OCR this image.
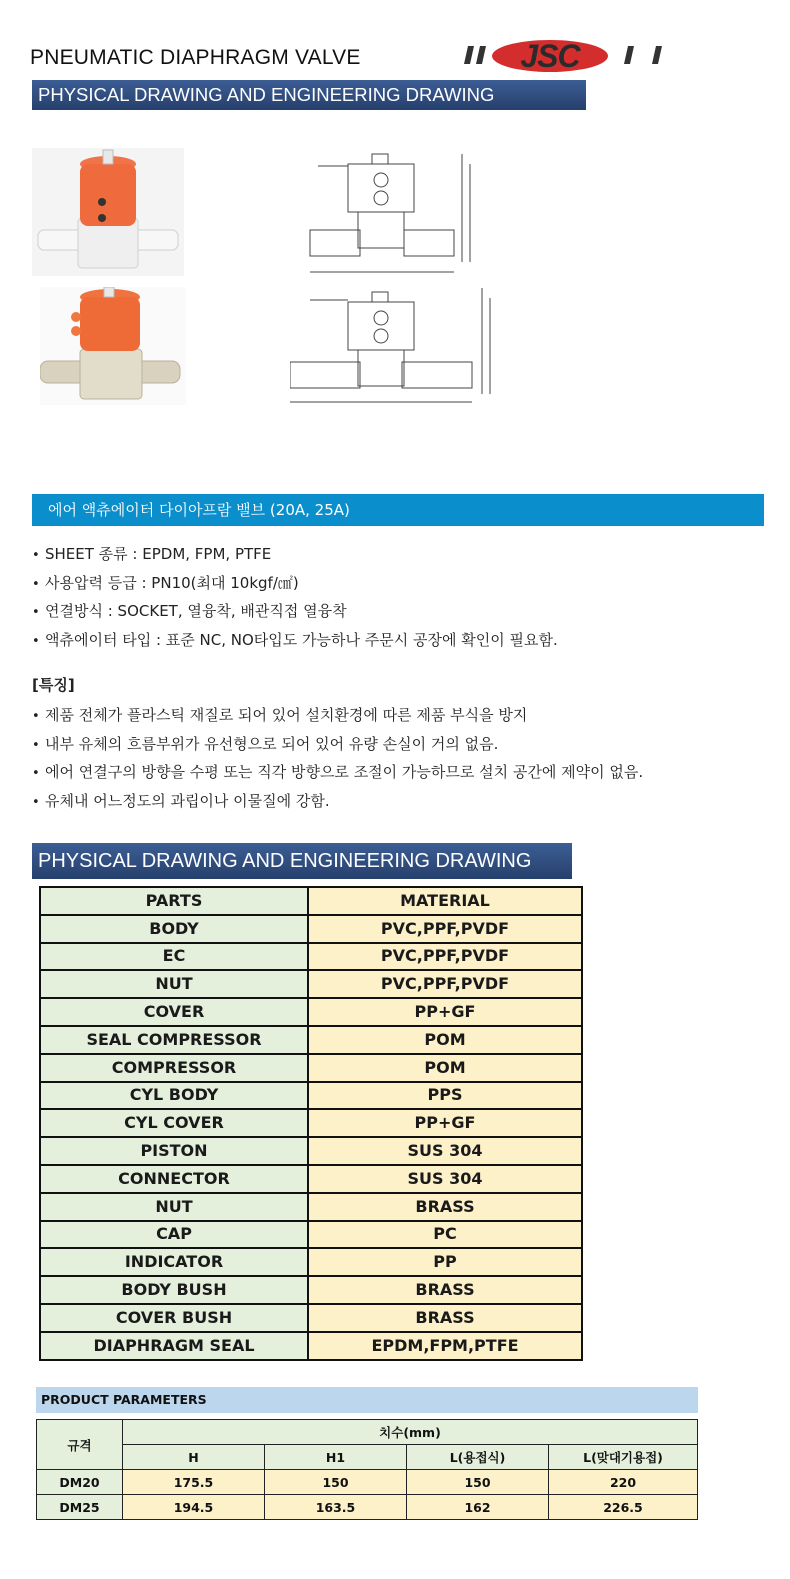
PNEUMATIC DIAPHRAGM VALVE	JSC
PHYSICAL DRAWING AND ENGINEERING DRAWING
에어 액츄에이터 다이아프람 밸브 (20A, 25A)
• SHEET 종류 : EPDM, FPM, PTFE
• 사용압력 등급 : PN10(최대 10kgf/㎠)
• 연결방식 : SOCKET, 열융착, 배관직접 열융착
• 액츄에이터 타입 : 표준 NC, NO타입도 가능하나 주문시 공장에 확인이 필요함.
[특징]
• 제품 전체가 플라스틱 재질로 되어 있어 설치환경에 따른 제품 부식을 방지
• 내부 유체의 흐름부위가 유선형으로 되어 있어 유량 손실이 거의 없음.
• 에어 연결구의 방향을 수평 또는 직각 방향으로 조절이 가능하므로 설치 공간에 제약이 없음.
• 유체내 어느정도의 과립이나 이물질에 강함.
PHYSICAL DRAWING AND ENGINEERING DRAWING
PARTS	MATERIAL
BODY	PVC,PPF,PVDF
EC	PVC,PPF,PVDF
NUT	PVC,PPF,PVDF
COVER	PP+GF
SEAL COMPRESSOR	POM
COMPRESSOR	POM
CYL BODY	PPS
CYL COVER	PP+GF
PISTON	SUS 304
CONNECTOR	SUS 304
NUT	BRASS
CAP	PC
INDICATOR	PP
BODY BUSH	BRASS
COVER BUSH	BRASS
DIAPHRAGM SEAL	EPDM,FPM,PTFE
PRODUCT PARAMETERS
규격	치수(mm)			
	H	H1	L(용접식)	L(맞대기용접)
DM20	175.5	150	150	220
DM25	194.5	163.5	162	226.5
